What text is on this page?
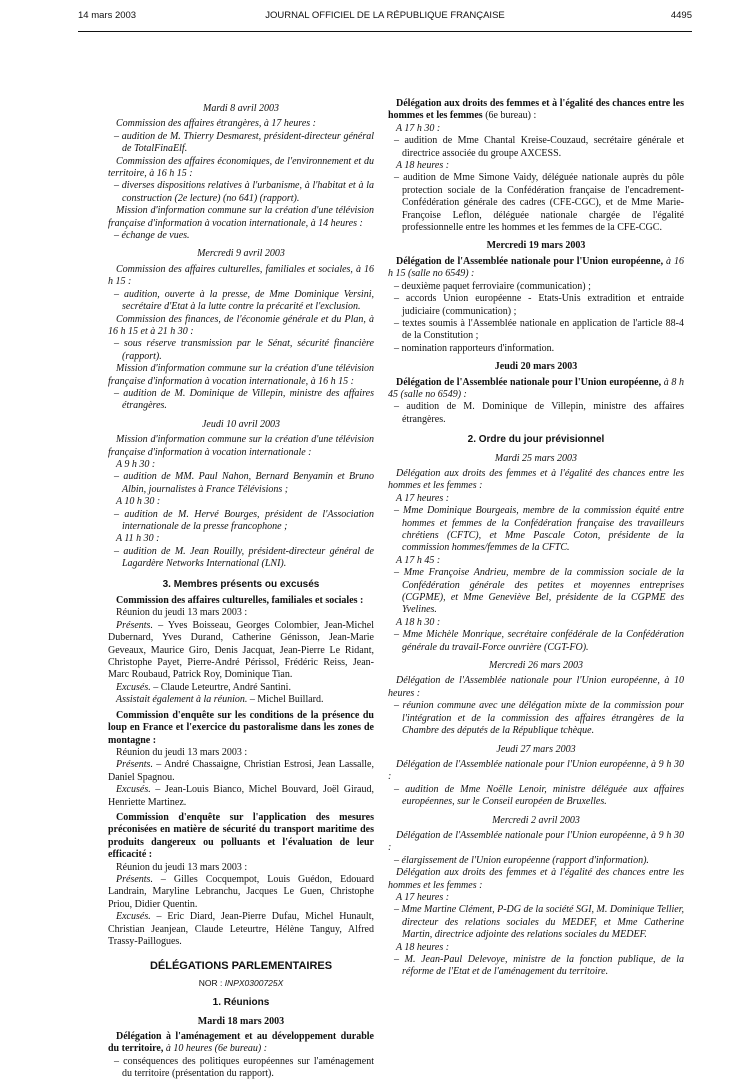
14 mars 2003	JOURNAL OFFICIEL DE LA RÉPUBLIQUE FRANÇAISE	4495
Mardi 8 avril 2003
Commission des affaires étrangères, à 17 heures :
– audition de M. Thierry Desmarest, président-directeur général de TotalFinaElf.
Commission des affaires économiques, de l'environnement et du territoire, à 16 h 15 :
– diverses dispositions relatives à l'urbanisme, à l'habitat et à la construction (2e lecture) (no 641) (rapport).
Mission d'information commune sur la création d'une télévision française d'information à vocation internationale, à 14 heures :
– échange de vues.
Mercredi 9 avril 2003
Commission des affaires culturelles, familiales et sociales, à 16 h 15 :
– audition, ouverte à la presse, de Mme Dominique Versini, secrétaire d'Etat à la lutte contre la précarité et l'exclusion.
Commission des finances, de l'économie générale et du Plan, à 16 h 15 et à 21 h 30 :
– sous réserve transmission par le Sénat, sécurité financière (rapport).
Mission d'information commune sur la création d'une télévision française d'information à vocation internationale, à 16 h 15 :
– audition de M. Dominique de Villepin, ministre des affaires étrangères.
Jeudi 10 avril 2003
Mission d'information commune sur la création d'une télévision française d'information à vocation internationale :
A 9 h 30 :
– audition de MM. Paul Nahon, Bernard Benyamin et Bruno Albin, journalistes à France Télévisions ;
A 10 h 30 :
– audition de M. Hervé Bourges, président de l'Association internationale de la presse francophone ;
A 11 h 30 :
– audition de M. Jean Rouilly, président-directeur général de Lagardère Networks International (LNI).
3. Membres présents ou excusés
Commission des affaires culturelles, familiales et sociales :
Réunion du jeudi 13 mars 2003 :
Présents. – Yves Boisseau, Georges Colombier, Jean-Michel Dubernard, Yves Durand, Catherine Génisson, Jean-Marie Geveaux, Maurice Giro, Denis Jacquat, Jean-Pierre Le Ridant, Christophe Payet, Pierre-André Périssol, Frédéric Reiss, Jean-Marc Roubaud, Patrick Roy, Dominique Tian.
Excusés. – Claude Leteurtre, André Santini.
Assistait également à la réunion. – Michel Buillard.
Commission d'enquête sur les conditions de la présence du loup en France et l'exercice du pastoralisme dans les zones de montagne :
Réunion du jeudi 13 mars 2003 :
Présents. – André Chassaigne, Christian Estrosi, Jean Lassalle, Daniel Spagnou.
Excusés. – Jean-Louis Bianco, Michel Bouvard, Joël Giraud, Henriette Martinez.
Commission d'enquête sur l'application des mesures préconisées en matière de sécurité du transport maritime des produits dangereux ou polluants et l'évaluation de leur efficacité :
Réunion du jeudi 13 mars 2003 :
Présents. – Gilles Cocquempot, Louis Guédon, Edouard Landrain, Maryline Lebranchu, Jacques Le Guen, Christophe Priou, Didier Quentin.
Excusés. – Eric Diard, Jean-Pierre Dufau, Michel Hunault, Christian Jeanjean, Claude Leteurtre, Hélène Tanguy, Alfred Trassy-Paillogues.
DÉLÉGATIONS PARLEMENTAIRES
NOR : INPX0300725X
1. Réunions
Mardi 18 mars 2003
Délégation à l'aménagement et au développement durable du territoire, à 10 heures (6e bureau) :
– conséquences des politiques européennes sur l'aménagement du territoire (présentation du rapport).
Délégation aux droits des femmes et à l'égalité des chances entre les hommes et les femmes (6e bureau) :
A 17 h 30 :
– audition de Mme Chantal Kreise-Couzaud, secrétaire générale et directrice associée du groupe AXCESS.
A 18 heures :
– audition de Mme Simone Vaidy, déléguée nationale auprès du pôle protection sociale de la Confédération française de l'encadrement-Confédération générale des cadres (CFE-CGC), et de Mme Marie-Françoise Leflon, déléguée nationale chargée de l'égalité professionnelle entre les hommes et les femmes de la CFE-CGC.
Mercredi 19 mars 2003
Délégation de l'Assemblée nationale pour l'Union européenne, à 16 h 15 (salle no 6549) :
– deuxième paquet ferroviaire (communication) ;
– accords Union européenne - Etats-Unis extradition et entraide judiciaire (communication) ;
– textes soumis à l'Assemblée nationale en application de l'article 88-4 de la Constitution ;
– nomination rapporteurs d'information.
Jeudi 20 mars 2003
Délégation de l'Assemblée nationale pour l'Union européenne, à 8 h 45 (salle no 6549) :
– audition de M. Dominique de Villepin, ministre des affaires étrangères.
2. Ordre du jour prévisionnel
Mardi 25 mars 2003
Délégation aux droits des femmes et à l'égalité des chances entre les hommes et les femmes :
A 17 heures :
– Mme Dominique Bourgeais, membre de la commission équité entre hommes et femmes de la Confédération française des travailleurs chrétiens (CFTC), et Mme Pascale Coton, présidente de la commission hommes/femmes de la CFTC.
A 17 h 45 :
– Mme Françoise Andrieu, membre de la commission sociale de la Confédération générale des petites et moyennes entreprises (CGPME), et Mme Geneviève Bel, présidente de la CGPME des Yvelines.
A 18 h 30 :
– Mme Michèle Monrique, secrétaire confédérale de la Confédération générale du travail-Force ouvrière (CGT-FO).
Mercredi 26 mars 2003
Délégation de l'Assemblée nationale pour l'Union européenne, à 10 heures :
– réunion commune avec une délégation mixte de la commission pour l'intégration et de la commission des affaires étrangères de la Chambre des députés de la République tchèque.
Jeudi 27 mars 2003
Délégation de l'Assemblée nationale pour l'Union européenne, à 9 h 30 :
– audition de Mme Noëlle Lenoir, ministre déléguée aux affaires européennes, sur le Conseil européen de Bruxelles.
Mercredi 2 avril 2003
Délégation de l'Assemblée nationale pour l'Union européenne, à 9 h 30 :
– élargissement de l'Union européenne (rapport d'information).
Délégation aux droits des femmes et à l'égalité des chances entre les hommes et les femmes :
A 17 heures :
– Mme Martine Clément, P-DG de la société SGI, M. Dominique Tellier, directeur des relations sociales du MEDEF, et Mme Catherine Martin, directrice adjointe des relations sociales du MEDEF.
A 18 heures :
– M. Jean-Paul Delevoye, ministre de la fonction publique, de la réforme de l'Etat et de l'aménagement du territoire.
